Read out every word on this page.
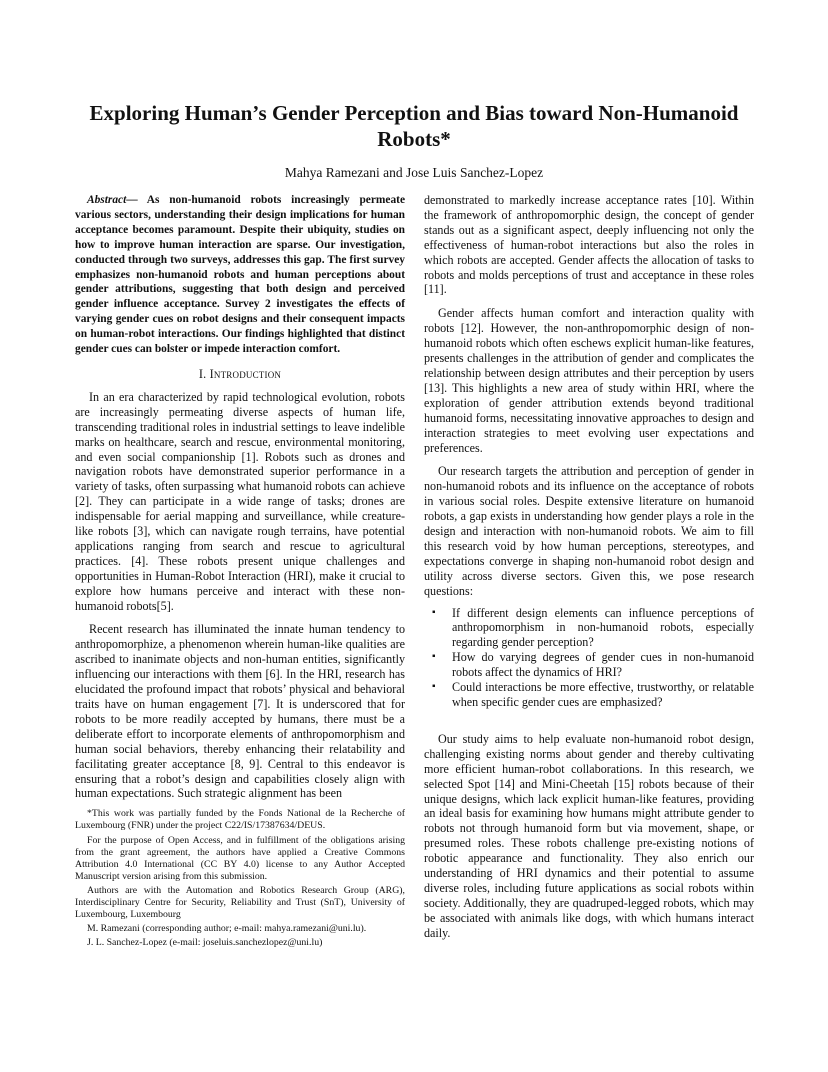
Exploring Human’s Gender Perception and Bias toward Non-Humanoid Robots*

Mahya Ramezani and Jose Luis Sanchez-Lopez

Abstract— As non-humanoid robots increasingly permeate various sectors, understanding their design implications for human acceptance becomes paramount. Despite their ubiquity, studies on how to improve human interaction are sparse. Our investigation, conducted through two surveys, addresses this gap. The first survey emphasizes non-humanoid robots and human perceptions about gender attributions, suggesting that both design and perceived gender influence acceptance. Survey 2 investigates the effects of varying gender cues on robot designs and their consequent impacts on human-robot interactions. Our findings highlighted that distinct gender cues can bolster or impede interaction comfort.

I. Introduction

In an era characterized by rapid technological evolution, robots are increasingly permeating diverse aspects of human life, transcending traditional roles in industrial settings to leave indelible marks on healthcare, search and rescue, environmental monitoring, and even social companionship [1]. Robots such as drones and navigation robots have demonstrated superior performance in a variety of tasks, often surpassing what humanoid robots can achieve [2]. They can participate in a wide range of tasks; drones are indispensable for aerial mapping and surveillance, while creature-like robots [3], which can navigate rough terrains, have potential applications ranging from search and rescue to agricultural practices. [4]. These robots present unique challenges and opportunities in Human-Robot Interaction (HRI), make it crucial to explore how humans perceive and interact with these non-humanoid robots[5].

Recent research has illuminated the innate human tendency to anthropomorphize, a phenomenon wherein human-like qualities are ascribed to inanimate objects and non-human entities, significantly influencing our interactions with them [6]. In the HRI, research has elucidated the profound impact that robots’ physical and behavioral traits have on human engagement [7]. It is underscored that for robots to be more readily accepted by humans, there must be a deliberate effort to incorporate elements of anthropomorphism and human social behaviors, thereby enhancing their relatability and facilitating greater acceptance [8, 9]. Central to this endeavor is ensuring that a robot’s design and capabilities closely align with human expectations. Such strategic alignment has been

*This work was partially funded by the Fonds National de la Recherche of Luxembourg (FNR) under the project C22/IS/17387634/DEUS.

For the purpose of Open Access, and in fulfillment of the obligations arising from the grant agreement, the authors have applied a Creative Commons Attribution 4.0 International (CC BY 4.0) license to any Author Accepted Manuscript version arising from this submission.

Authors are with the Automation and Robotics Research Group (ARG), Interdisciplinary Centre for Security, Reliability and Trust (SnT), University of Luxembourg, Luxembourg

M. Ramezani (corresponding author; e-mail: mahya.ramezani@uni.lu).

J. L. Sanchez-Lopez (e-mail: joseluis.sanchezlopez@uni.lu)

demonstrated to markedly increase acceptance rates [10]. Within the framework of anthropomorphic design, the concept of gender stands out as a significant aspect, deeply influencing not only the effectiveness of human-robot interactions but also the roles in which robots are accepted. Gender affects the allocation of tasks to robots and molds perceptions of trust and acceptance in these roles [11].

Gender affects human comfort and interaction quality with robots [12]. However, the non-anthropomorphic design of non-humanoid robots which often eschews explicit human-like features, presents challenges in the attribution of gender and complicates the relationship between design attributes and their perception by users [13]. This highlights a new area of study within HRI, where the exploration of gender attribution extends beyond traditional humanoid forms, necessitating innovative approaches to design and interaction strategies to meet evolving user expectations and preferences.

Our research targets the attribution and perception of gender in non-humanoid robots and its influence on the acceptance of robots in various social roles. Despite extensive literature on humanoid robots, a gap exists in understanding how gender plays a role in the design and interaction with non-humanoid robots. We aim to fill this research void by how human perceptions, stereotypes, and expectations converge in shaping non-humanoid robot design and utility across diverse sectors. Given this, we pose research questions:

▪ If different design elements can influence perceptions of anthropomorphism in non-humanoid robots, especially regarding gender perception?
▪ How do varying degrees of gender cues in non-humanoid robots affect the dynamics of HRI?
▪ Could interactions be more effective, trustworthy, or relatable when specific gender cues are emphasized?

Our study aims to help evaluate non-humanoid robot design, challenging existing norms about gender and thereby cultivating more efficient human-robot collaborations. In this research, we selected Spot [14] and Mini-Cheetah [15] robots because of their unique designs, which lack explicit human-like features, providing an ideal basis for examining how humans might attribute gender to robots not through humanoid form but via movement, shape, or presumed roles. These robots challenge pre-existing notions of robotic appearance and functionality. They also enrich our understanding of HRI dynamics and their potential to assume diverse roles, including future applications as social robots within society. Additionally, they are quadruped-legged robots, which may be associated with animals like dogs, with which humans interact daily.
